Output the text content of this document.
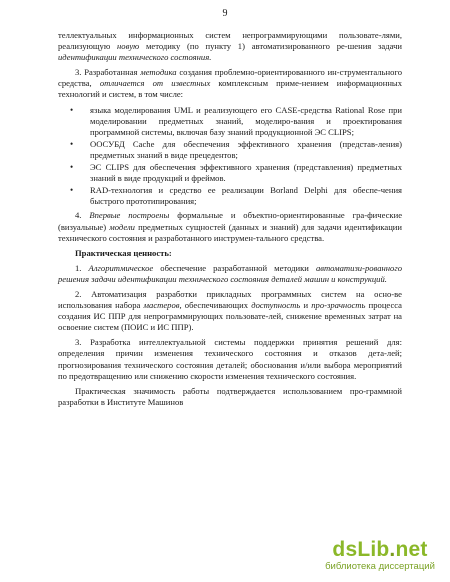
9

теллектуальных информационных систем непрограммирующими пользовате-лями, реализующую новую методику (по пункту 1) автоматизированного ре-шения задачи идентификации технического состояния.

3. Разработанная методика создания проблемно-ориентированного ин-струментального средства, отличается от известных комплексным приме-нением информационных технологий и систем, в том числе:

• языка моделирования UML и реализующего его CASE-средства Rational Rose при моделировании предметных знаний, моделиро-вания и проектирования программной системы, включая базу знаний продукционной ЭС CLIPS;
• ООСУБД Cache для обеспечения эффективного хранения (представ-ления) предметных знаний в виде прецедентов;
• ЭС CLIPS для обеспечения эффективного хранения (представления) предметных знаний в виде продукций и фреймов.
• RAD-технология и средство ее реализации Borland Delphi для обеспе-чения быстрого прототипирования;

4. Впервые построены формальные и объектно-ориентированные гра-фические (визуальные) модели предметных сущностей (данных и знаний) для задачи идентификации технического состояния и разработанного инструмен-тального средства.

Практическая ценность:

1. Алгоритмическое обеспечение разработанной методики автоматизи-рованного решения задачи идентификации технического состояния деталей машин и конструкций.

2. Автоматизация разработки прикладных программных систем на осно-ве использования набора мастеров, обеспечивающих доступность и про-зрачность процесса создания ИС ППР для непрограммирующих пользовате-лей, снижение временных затрат на освоение систем (ПОИС и ИС ППР).

3. Разработка интеллектуальной системы поддержки принятия решений для: определения причин изменения технического состояния и отказов дета-лей; прогнозирования технического состояния деталей; обоснования и/или выбора мероприятий по предотвращению или снижению скорости изменения технического состояния.

Практическая значимость работы подтверждается использованием про-граммной разработки в Институте Машинов

dsLib.net
библиотека диссертаций
